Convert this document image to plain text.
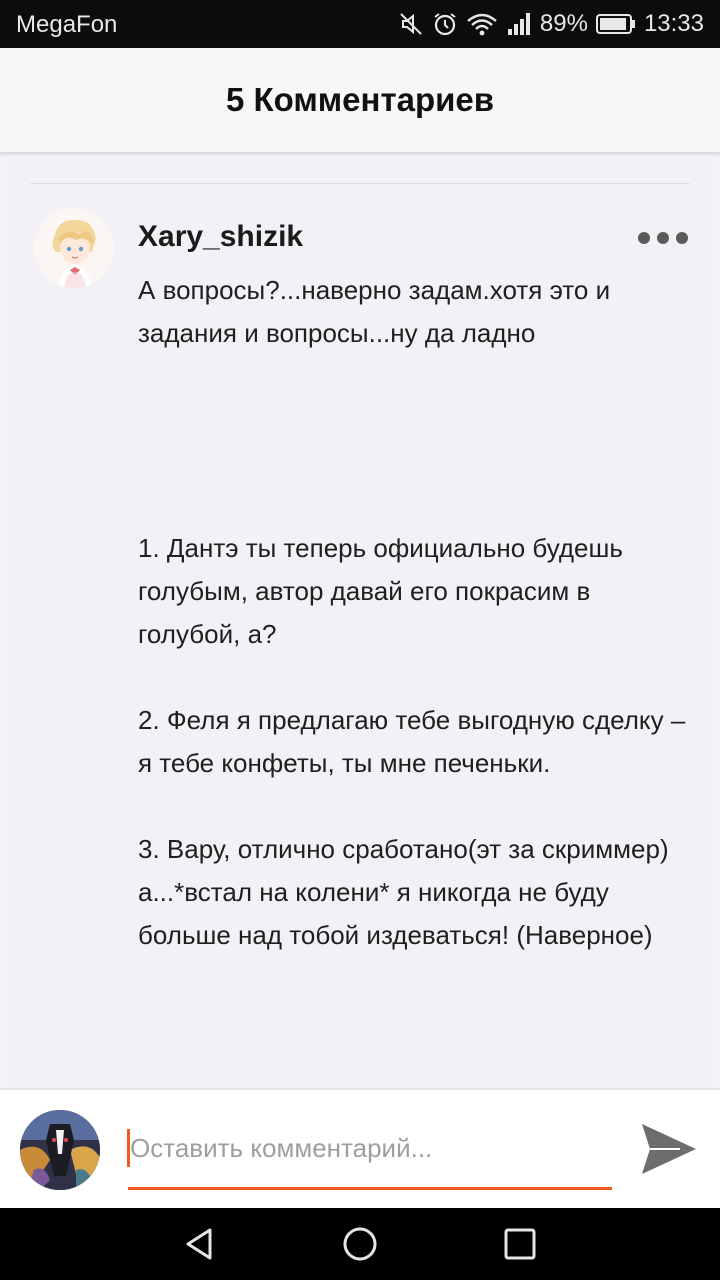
MegaFon	89% 13:33
5 Комментариев
Xary_shizik

А вопросы?...наверно задам.хотя это и задания и вопросы...ну да ладно

1. Дантэ ты теперь официально будешь голубым, автор давай его покрасим в голубой, а?

2. Феля я предлагаю тебе выгодную сделку – я тебе конфеты, ты мне печеньки.

3. Вару, отлично сработано(эт за скриммер) а...*встал на колени* я никогда не буду больше над тобой издеваться! (Наверное)

Оставить комментарий...
